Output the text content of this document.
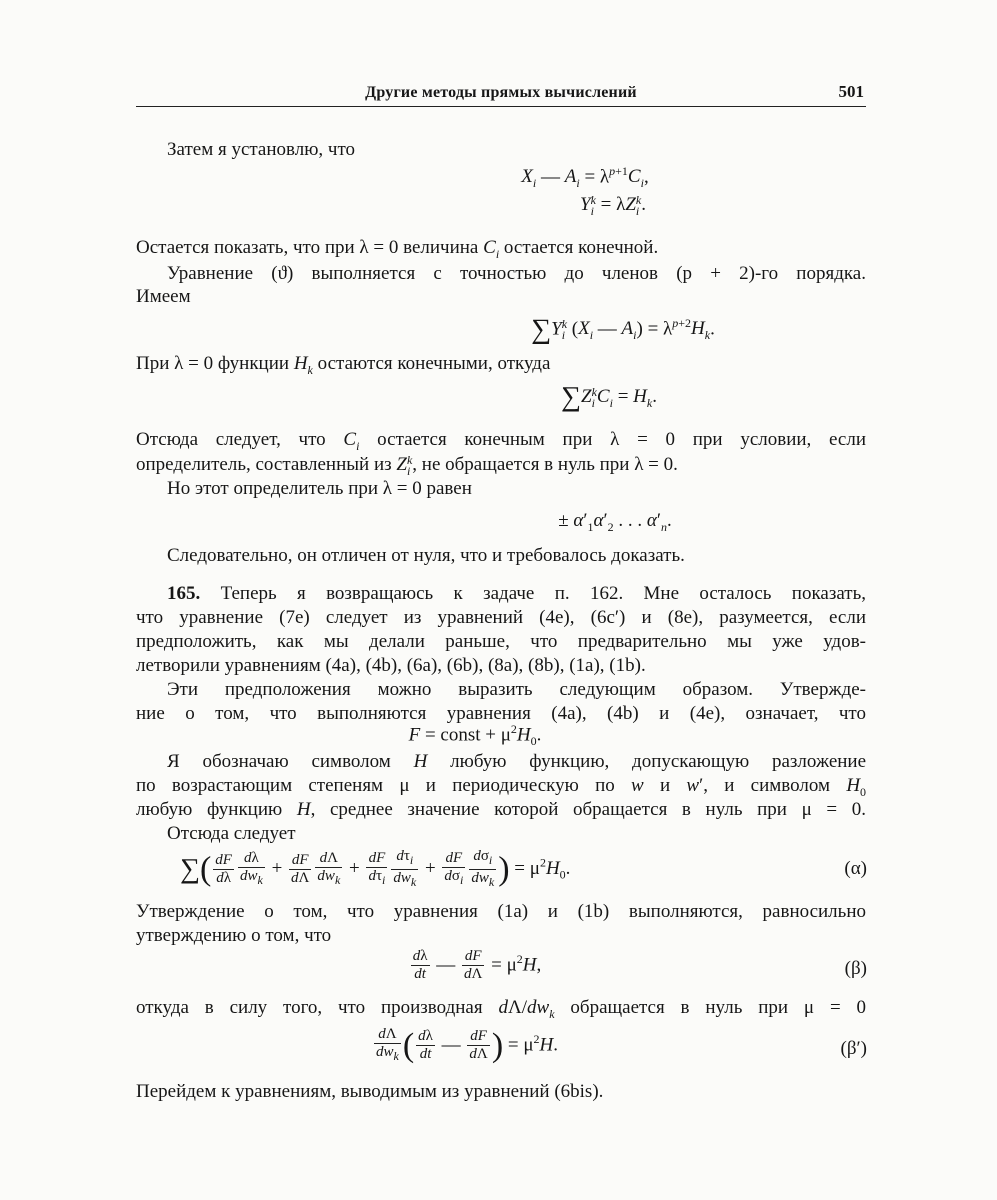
Другие методы прямых вычислений	501
Затем я установлю, что
$X_i$ — $A_i = \lambda^{p+1}C_i$,
Yk
i = λZk
i .
Остается показать, что при λ = 0 величина $C_i$ остается конечной.
Уравнение (ϑ) выполняется с точностью до членов (p + 2)-го порядка.
Имеем
∑Yk
i ($X_i$ — $A_i) = \lambda^{p+2}H_k$.
При λ = 0 функции $H_k$ остаются конечными, откуда
∑Zk
i $C_i = H_k$.
Отсюда следует, что $C_i$ остается конечным при λ = 0 при условии, если
определитель, составленный из Zk
i , не обращается в нуль при λ = 0.
Но этот определитель при λ = 0 равен
± $\alpha'_1\alpha'_2$ . . . $\alpha'_n$.
Следовательно, он отличен от нуля, что и требовалось доказать.
165. Теперь я возвращаюсь к задаче п. 162. Мне осталось показать,
что уравнение (7e) следует из уравнений (4e), (6c′) и (8e), разумеется, если
предположить, как мы делали раньше, что предварительно мы уже удов-
летворили уравнениям (4a), (4b), (6a), (6b), (8a), (8b), (1a), (1b).
Эти предположения можно выразить следующим образом. Утвержде-
ние о том, что выполняются уравнения (4a), (4b) и (4e), означает, что
F = const + $\mu^2H_0$.
Я обозначаю символом H любую функцию, допускающую разложение
по возрастающим степеням μ и периодическую по w и w′, и символом $H_0$
любую функцию H, среднее значение которой обращается в нуль при μ = 0.
Отсюда следует
∑( $\frac{dF}{d\lambda} \frac{d\lambda}{dw_k} + \frac{dF}{d\Lambda} \frac{d\Lambda}{dw_k} + \frac{dF}{d\tau_i} \frac{d\tau_i}{dw_k} + \frac{dF}{d\sigma_i} \frac{d\sigma_i}{dw_k}$ ) = $\mu^2H_0$.	(α)
Утверждение о том, что уравнения (1a) и (1b) выполняются, равносильно
утверждению о том, что
$\frac{d\lambda}{dt}$ — $\frac{dF}{d\Lambda} = \mu^2H$,	(β)
откуда в силу того, что производная $d\Lambda/dw_k$ обращается в нуль при μ = 0
$\frac{d\Lambda}{dw_k}$ ( $\frac{d\lambda}{dt}$ — $\frac{dF}{d\Lambda}$ ) = $\mu^2H$.	(β′)
Перейдем к уравнениям, выводимым из уравнений (6bis).
